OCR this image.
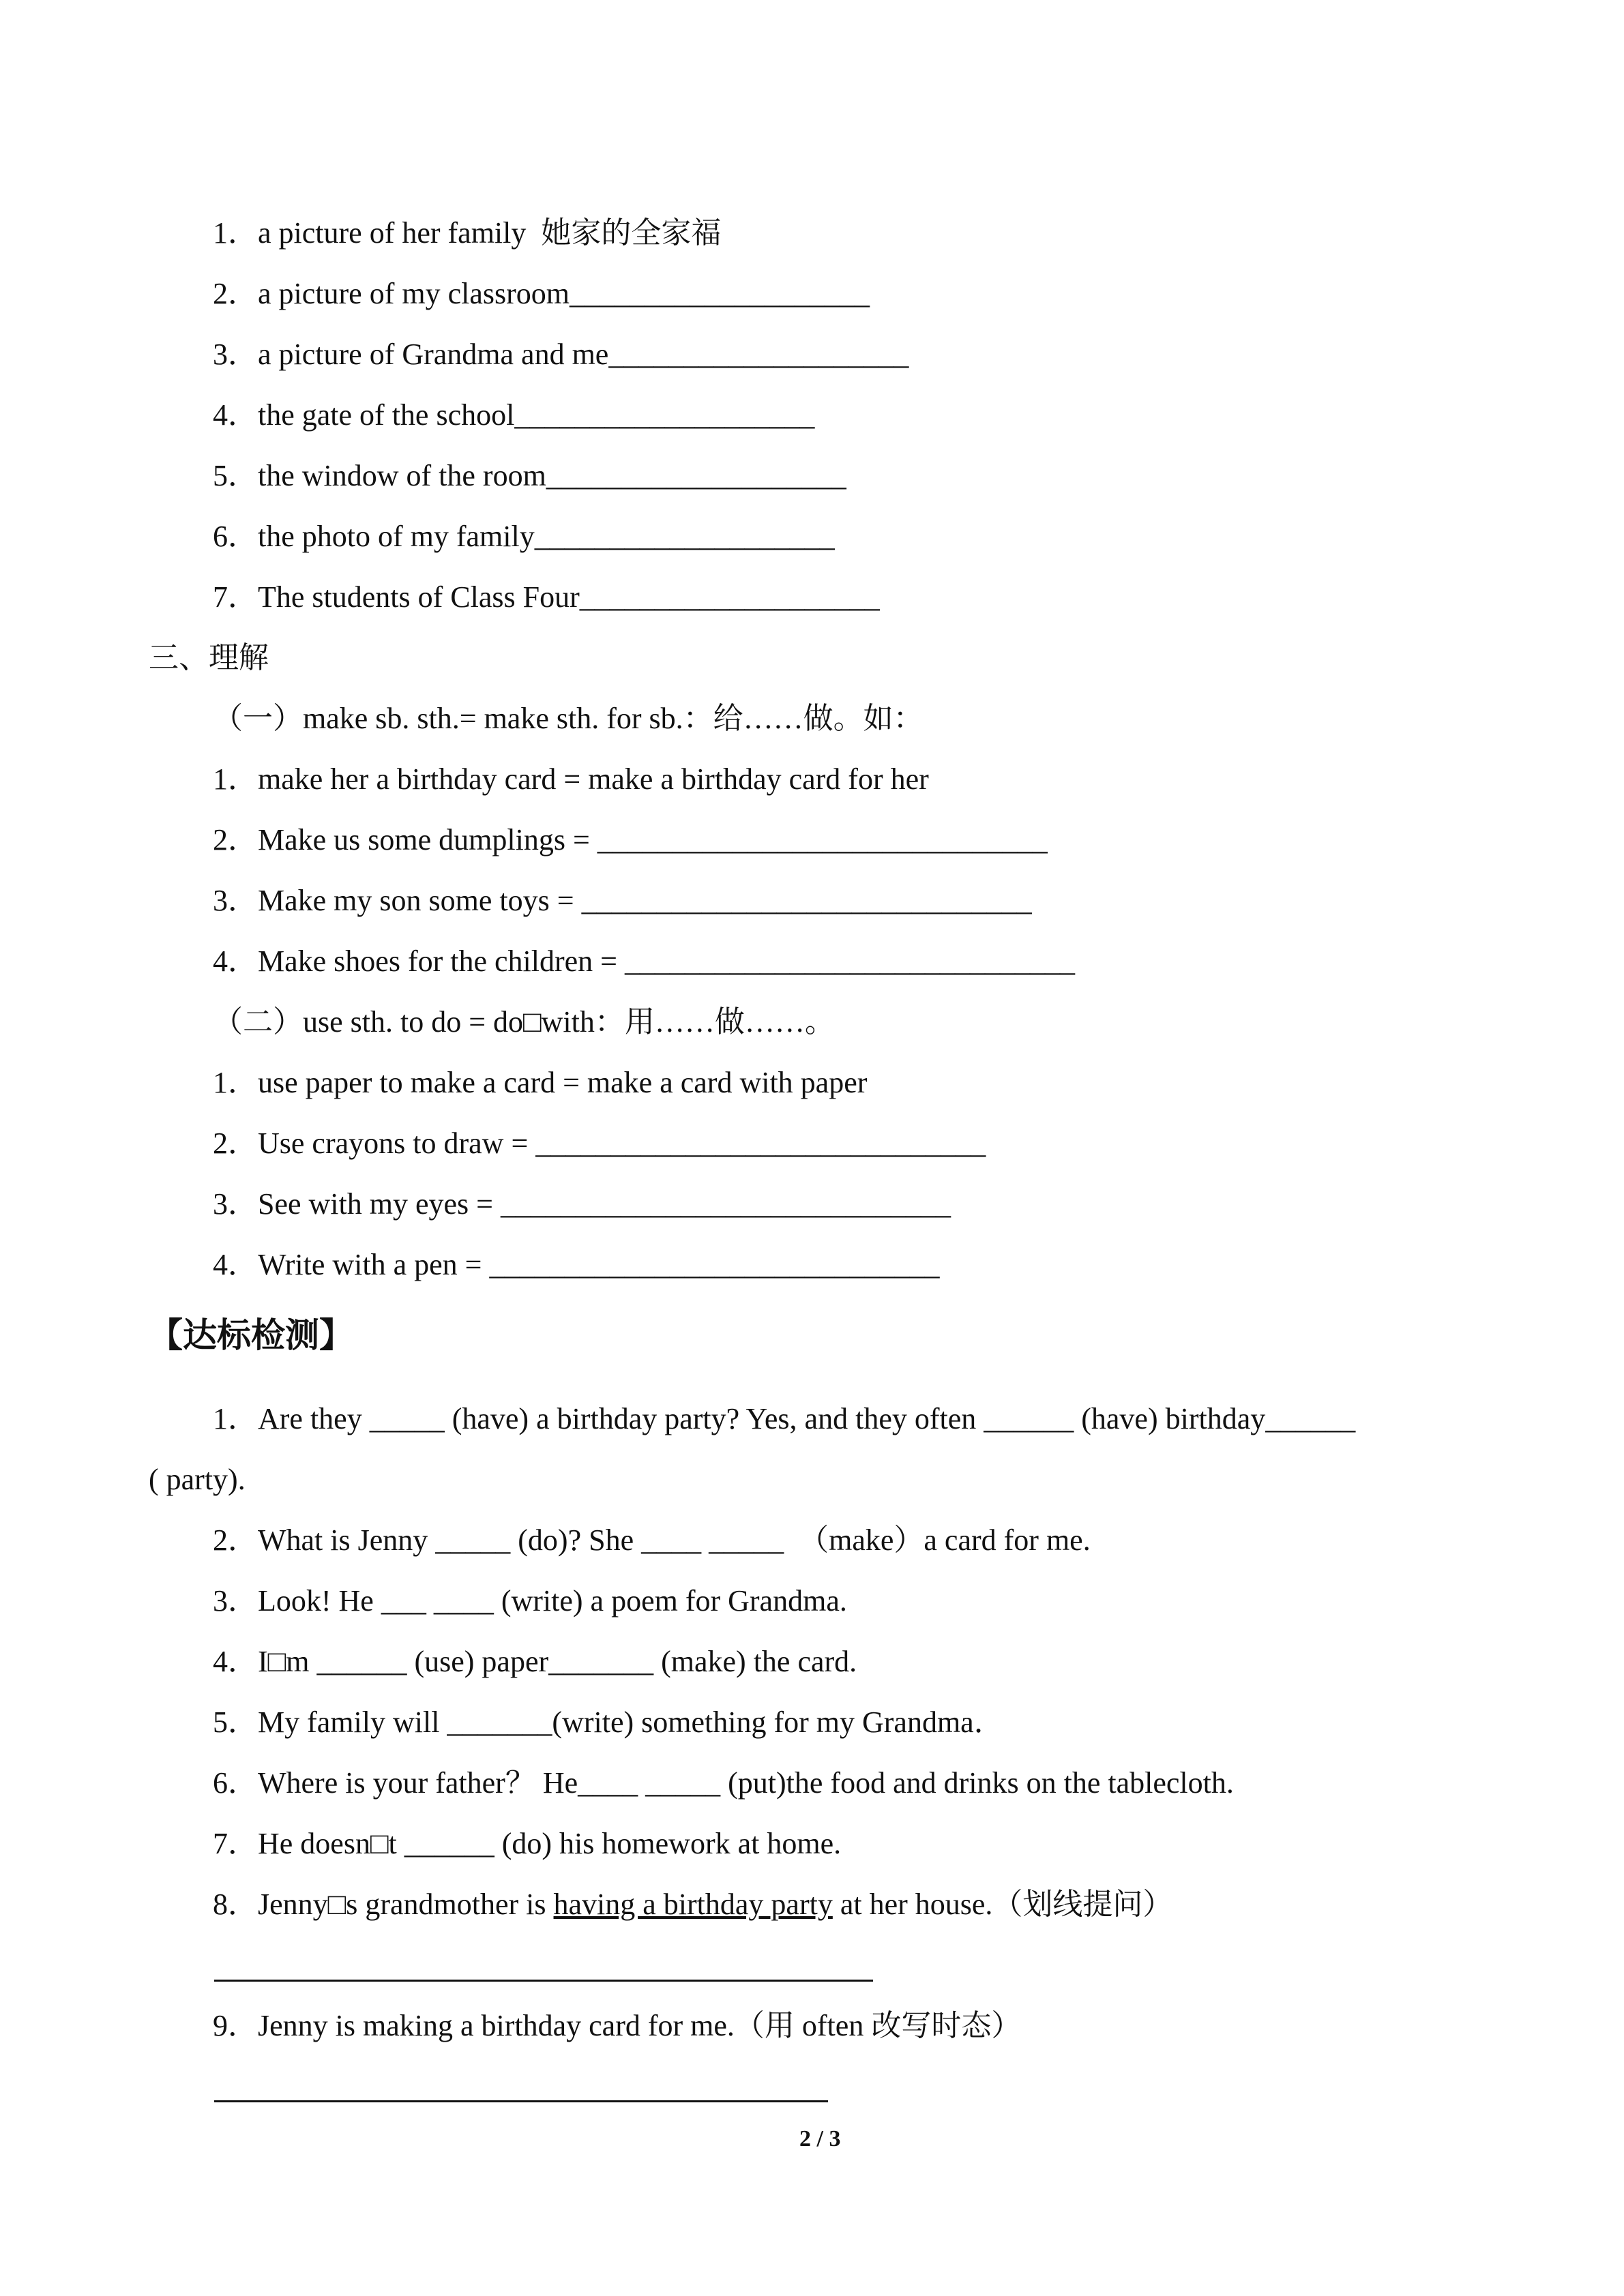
1．a picture of her family  她家的全家福
2．a picture of my classroom____________________
3．a picture of Grandma and me____________________
4．the gate of the school____________________
5．the window of the room____________________
6．the photo of my family____________________
7．The students of Class Four____________________
三、理解
（一）make sb. sth.= make sth. for sb.：给……做。如：
1．make her a birthday card = make a birthday card for her
2．Make us some dumplings = ______________________________
3．Make my son some toys = ______________________________
4．Make shoes for the children = ______________________________
（二）use sth. to do = do□with：用……做……。
1．use paper to make a card = make a card with paper
2．Use crayons to draw = ______________________________
3．See with my eyes = ______________________________
4．Write with a pen = ______________________________
【达标检测】
1．Are they _____ (have) a birthday party? Yes, and they often ______ (have) birthday______
( party).
2．What is Jenny _____ (do)? She ____ _____  （make）a card for me.
3．Look! He ___ ____ (write) a poem for Grandma.
4．I□m ______ (use) paper_______ (make) the card.
5．My family will _______(write) something for my Grandma．
6．Where is your father？ He____ _____ (put)the food and drinks on the tablecloth.
7．He doesn□t ______ (do) his homework at home.
8．Jenny□s grandmother is having a birthday party at her house.（划线提问）
9．Jenny is making a birthday card for me.（用 often 改写时态）
2 / 3
